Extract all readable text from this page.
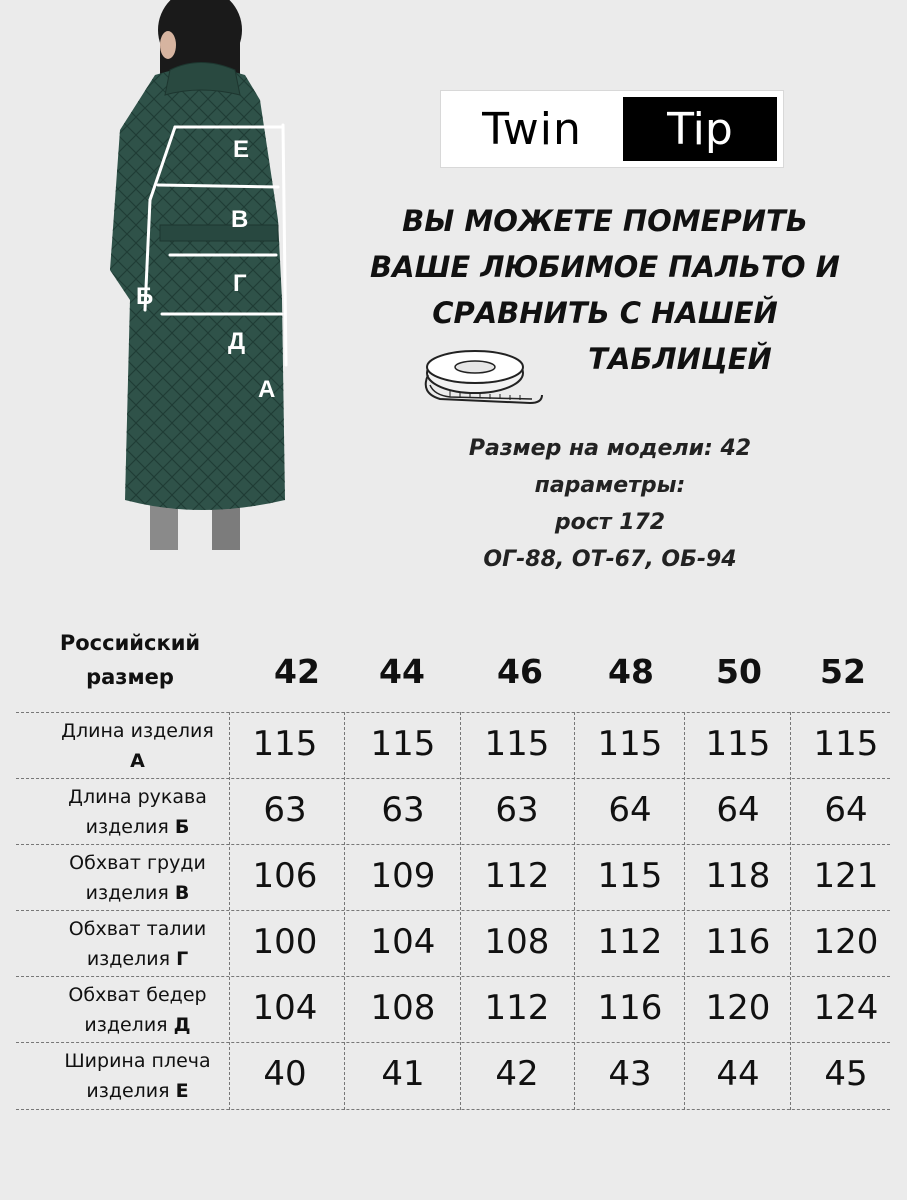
Е
В
Г
Б
Д
А
Twin	Tip
ВЫ МОЖЕТЕ ПОМЕРИТЬ
ВАШЕ ЛЮБИМОЕ ПАЛЬТО И
СРАВНИТЬ С НАШЕЙ
ТАБЛИЦЕЙ
Размер на модели: 42
параметры:
рост 172
ОГ-88, ОТ-67, ОБ-94
Российский
размер	42	44	46	48	50	52
Длина изделия
А	115	115	115	115	115	115
Длина рукава
изделия Б	63	63	63	64	64	64
Обхват груди
изделия В	106	109	112	115	118	121
Обхват талии
изделия Г	100	104	108	112	116	120
Обхват бедер
изделия Д	104	108	112	116	120	124
Ширина плеча
изделия Е	40	41	42	43	44	45
